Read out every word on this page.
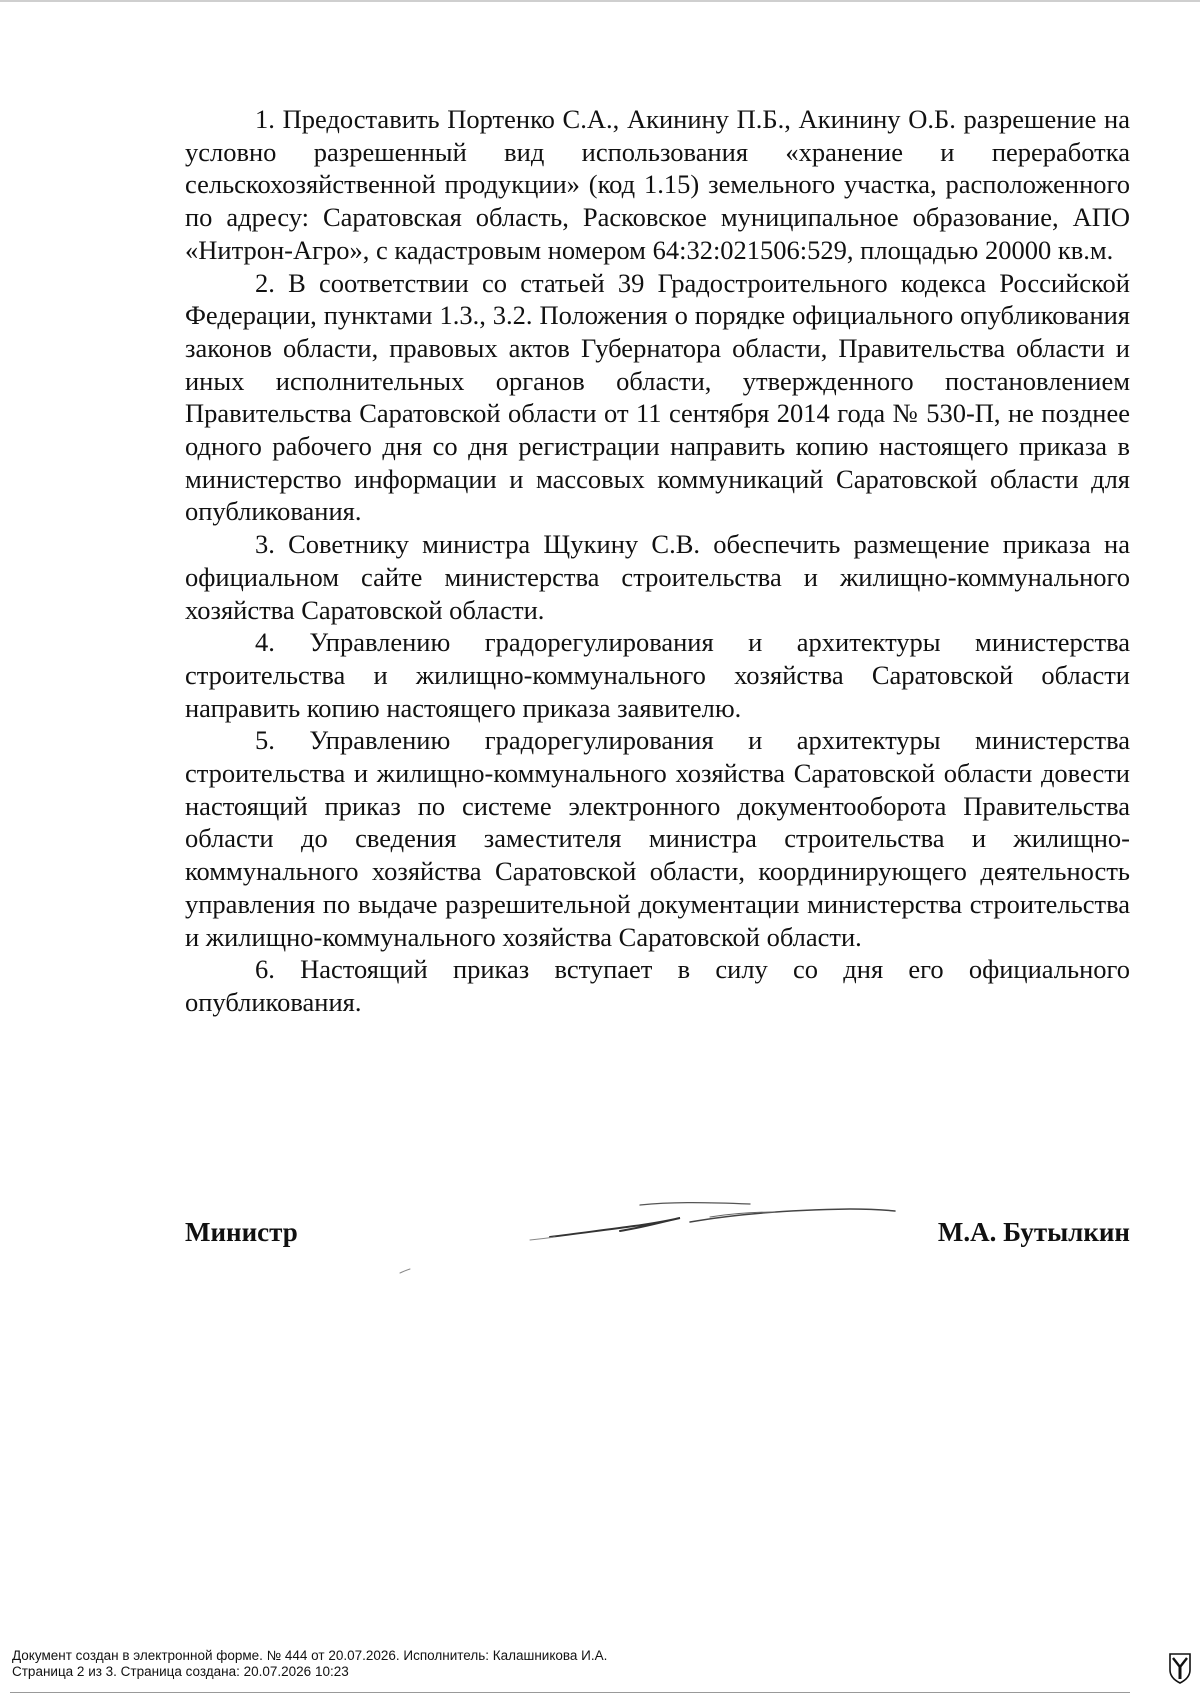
1. Предоставить Портенко С.А., Акинину П.Б., Акинину О.Б. разрешение на условно разрешенный вид использования «хранение и переработка сельскохозяйственной продукции» (код 1.15) земельного участка, расположенного по адресу: Саратовская область, Расковское муниципальное образование, АПО «Нитрон-Агро», с кадастровым номером 64:32:021506:529, площадью 20000 кв.м.

2. В соответствии со статьей 39 Градостроительного кодекса Российской Федерации, пунктами 1.3., 3.2. Положения о порядке официального опубликования законов области, правовых актов Губернатора области, Правительства области и иных исполнительных органов области, утвержденного постановлением Правительства Саратовской области от 11 сентября 2014 года № 530-П, не позднее одного рабочего дня со дня регистрации направить копию настоящего приказа в министерство информации и массовых коммуникаций Саратовской области для опубликования.

3. Советнику министра Щукину С.В. обеспечить размещение приказа на официальном сайте министерства строительства и жилищно-коммунального хозяйства Саратовской области.

4. Управлению градорегулирования и архитектуры министерства строительства и жилищно-коммунального хозяйства Саратовской области направить копию настоящего приказа заявителю.

5. Управлению градорегулирования и архитектуры министерства строительства и жилищно-коммунального хозяйства Саратовской области довести настоящий приказ по системе электронного документооборота Правительства области до сведения заместителя министра строительства и жилищно-коммунального хозяйства Саратовской области, координирующего деятельность управления по выдаче разрешительной документации министерства строительства и жилищно-коммунального хозяйства Саратовской области.

6. Настоящий приказ вступает в силу со дня его официального опубликования.

Министр	М.А. Бутылкин
Документ создан в электронной форме. № 444 от 20.07.2026. Исполнитель: Калашникова И.А.
Страница 2 из 3. Страница создана: 20.07.2026 10:23
